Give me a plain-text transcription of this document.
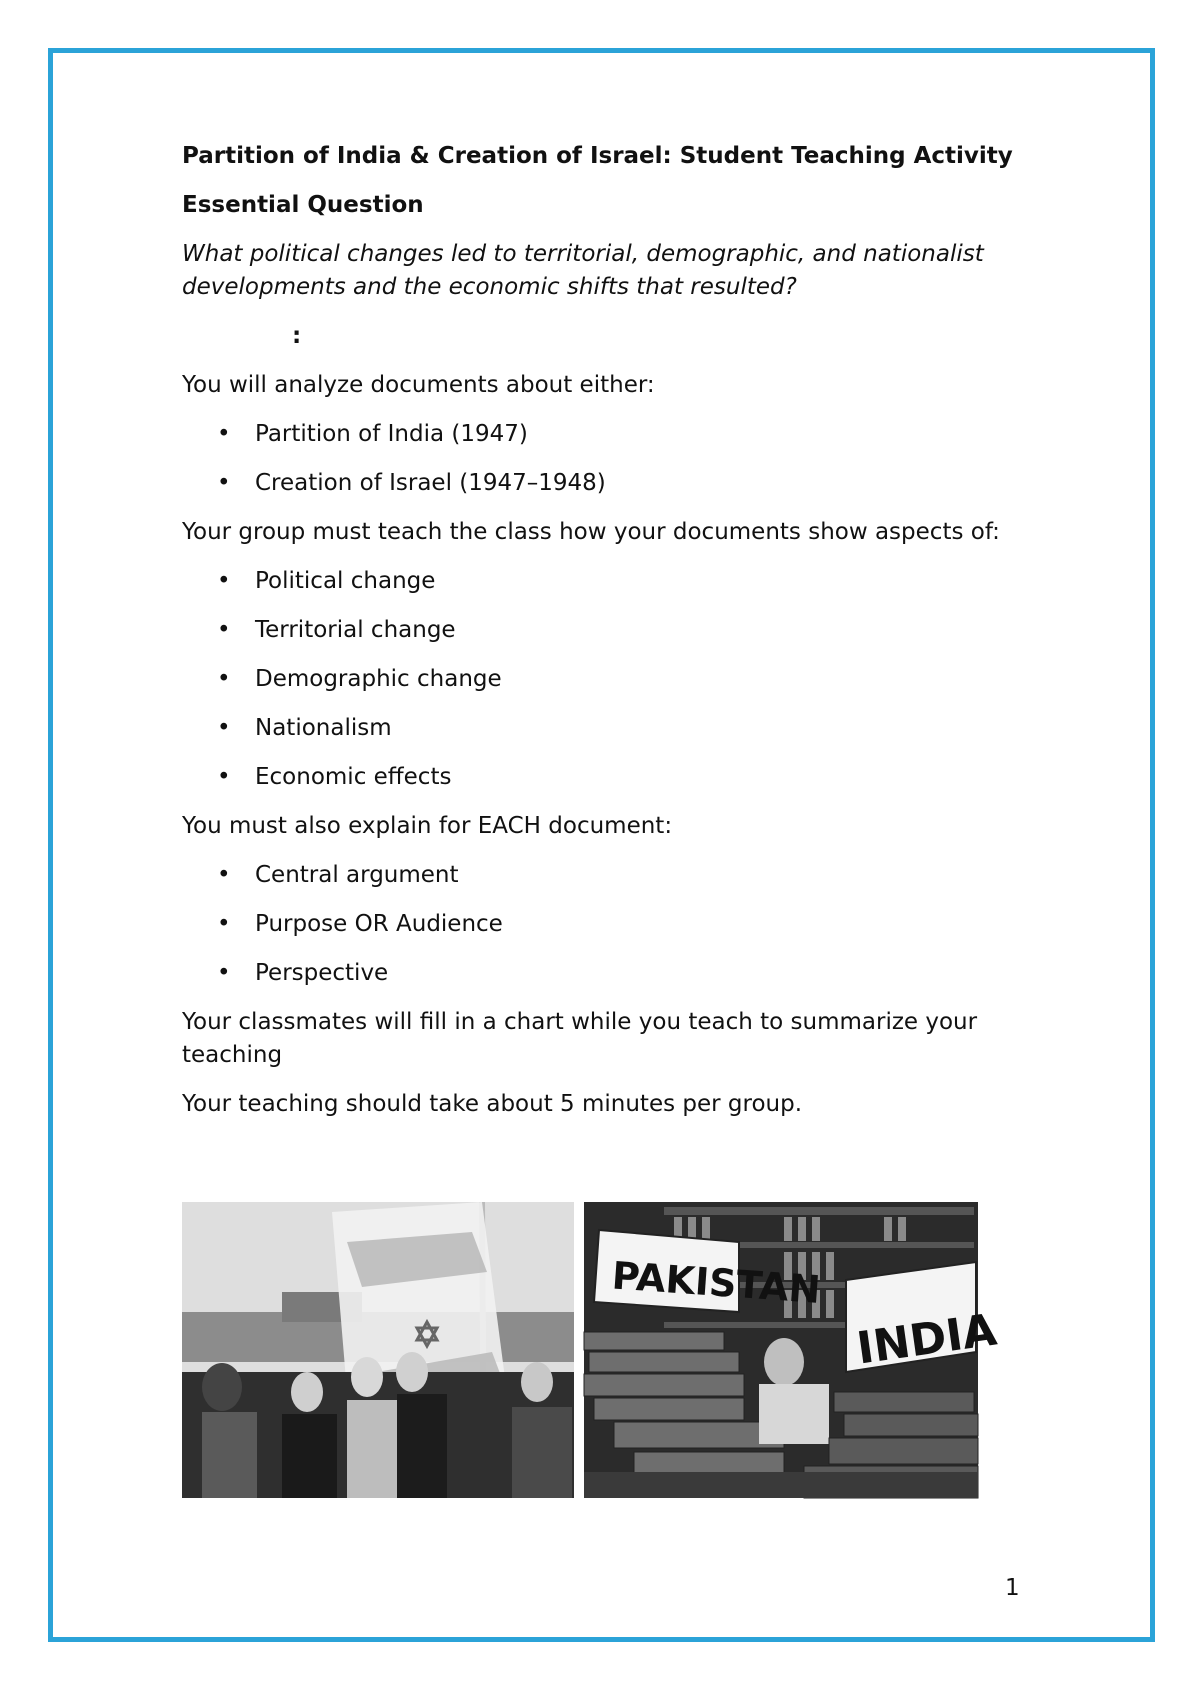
Partition of India & Creation of Israel: Student Teaching Activity
Essential Question
What political changes led to territorial, demographic, and nationalist developments and the economic shifts that resulted?
:

You will analyze documents about either:

• Partition of India (1947)
• Creation of Israel (1947–1948)

Your group must teach the class how your documents show aspects of:

• Political change
• Territorial change
• Demographic change
• Nationalism
• Economic effects

You must also explain for EACH document:

• Central argument
• Purpose OR Audience
• Perspective

Your classmates will fill in a chart while you teach to summarize your teaching

Your teaching should take about 5 minutes per group.

PAKISTAN
INDIA
1
